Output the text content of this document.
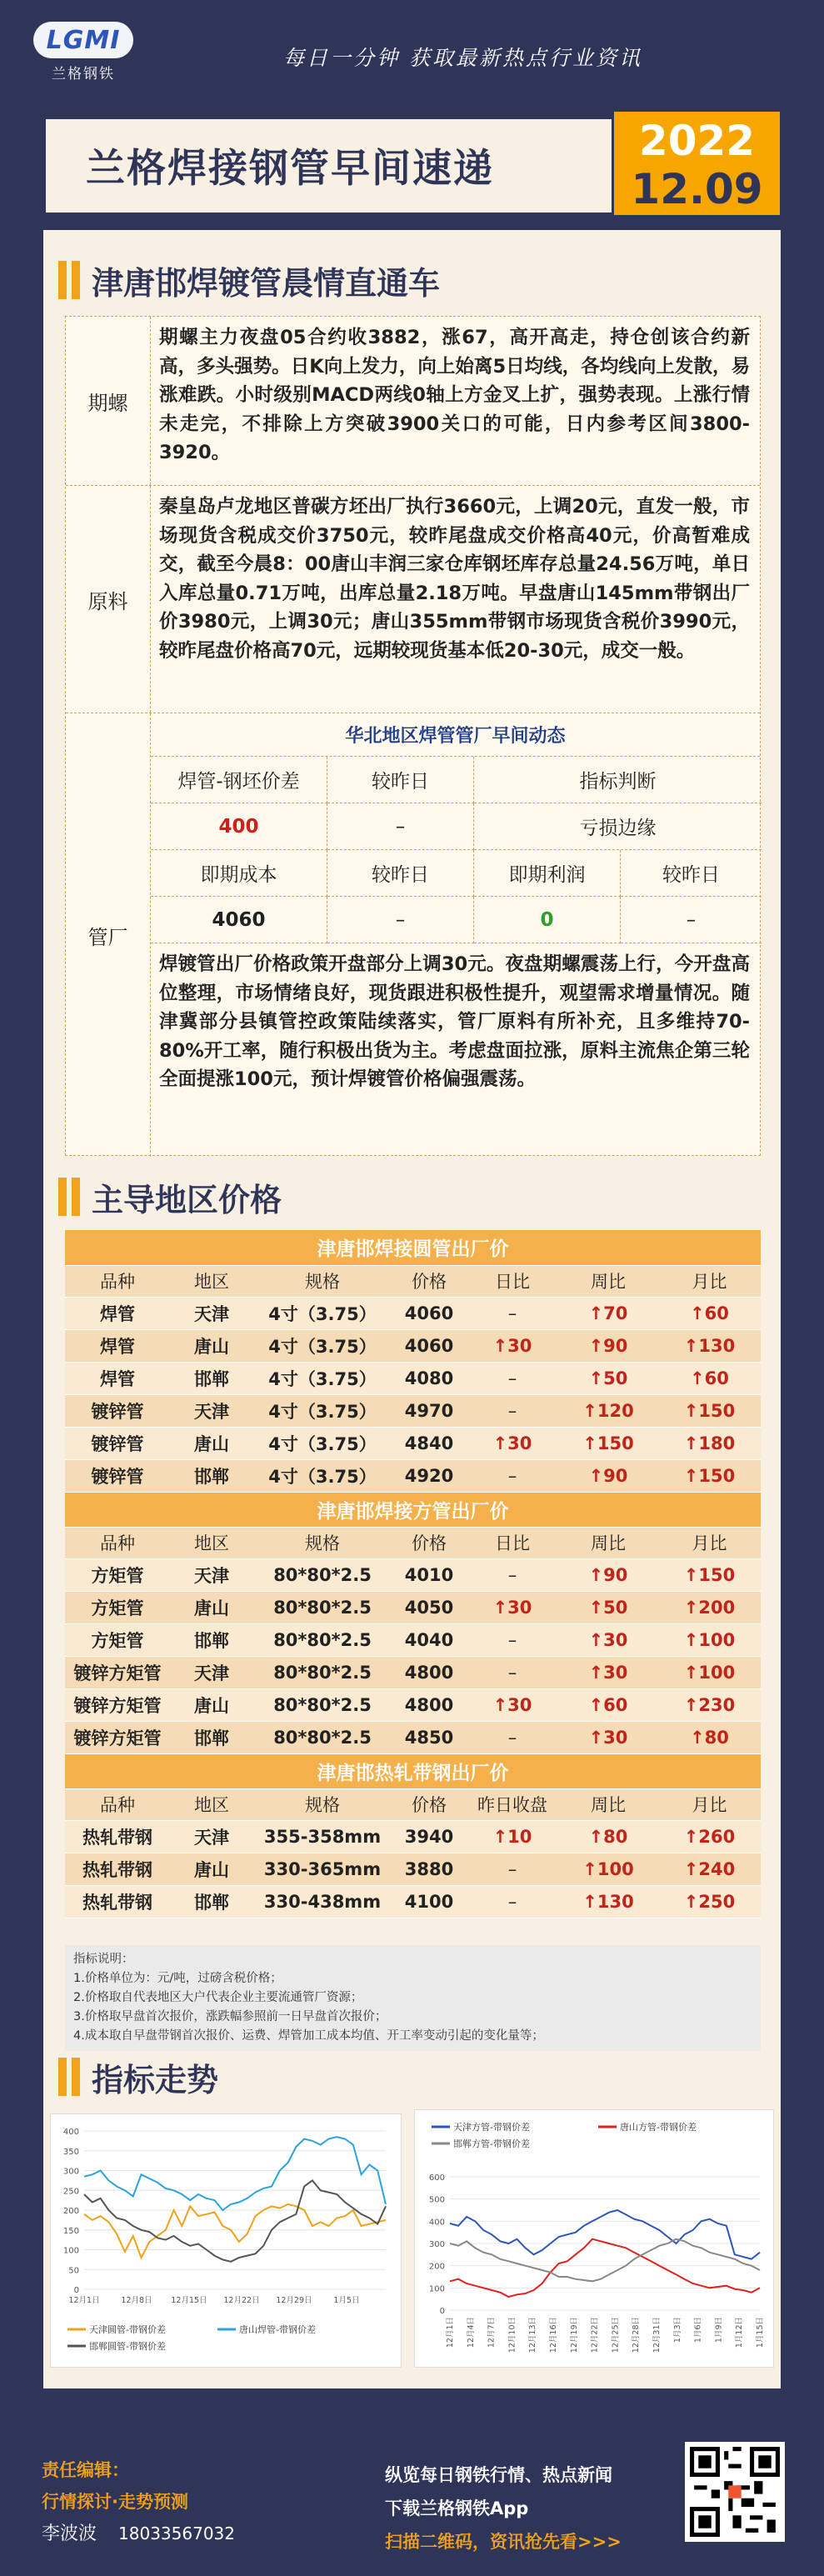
LGMI
兰格钢铁
每日一分钟 获取最新热点行业资讯
兰格焊接钢管早间速递
2022
12.09
津唐邯焊镀管晨情直通车
期螺
期螺主力夜盘05合约收3882，涨67，高开高走，持仓创该合约新高，多头强势。日K向上发力，向上始离5日均线，各均线向上发散，易涨难跌。小时级别MACD两线0轴上方金叉上扩，强势表现。上涨行情未走完，不排除上方突破3900关口的可能，日内参考区间3800-3920。
原料
秦皇岛卢龙地区普碳方坯出厂执行3660元，上调20元，直发一般，市场现货含税成交价3750元，较昨尾盘成交价格高40元，价高暂难成交，截至今晨8：00唐山丰润三家仓库钢坯库存总量24.56万吨，单日入库总量0.71万吨，出库总量2.18万吨。早盘唐山145mm带钢出厂价3980元，上调30元；唐山355mm带钢市场现货含税价3990元，较昨尾盘价格高70元，远期较现货基本低20-30元，成交一般。
管厂
华北地区焊管管厂早间动态
焊管-钢坯价差	较昨日	指标判断
400	–	亏损边缘
即期成本	较昨日	即期利润	较昨日
4060	–	0	–
焊镀管出厂价格政策开盘部分上调30元。夜盘期螺震荡上行，今开盘高位整理，市场情绪良好，现货跟进积极性提升，观望需求增量情况。随津冀部分县镇管控政策陆续落实，管厂原料有所补充，且多维持70-80%开工率，随行积极出货为主。考虑盘面拉涨，原料主流焦企第三轮全面提涨100元，预计焊镀管价格偏强震荡。
主导地区价格
津唐邯焊接圆管出厂价						
品种	地区	规格	价格	日比	周比	月比
焊管	天津	4寸（3.75）	4060	–	↑70	↑60
焊管	唐山	4寸（3.75）	4060	↑30	↑90	↑130
焊管	邯郸	4寸（3.75）	4080	–	↑50	↑60
镀锌管	天津	4寸（3.75）	4970	–	↑120	↑150
镀锌管	唐山	4寸（3.75）	4840	↑30	↑150	↑180
镀锌管	邯郸	4寸（3.75）	4920	–	↑90	↑150
津唐邯焊接方管出厂价						
品种	地区	规格	价格	日比	周比	月比
方矩管	天津	80*80*2.5	4010	–	↑90	↑150
方矩管	唐山	80*80*2.5	4050	↑30	↑50	↑200
方矩管	邯郸	80*80*2.5	4040	–	↑30	↑100
镀锌方矩管	天津	80*80*2.5	4800	–	↑30	↑100
镀锌方矩管	唐山	80*80*2.5	4800	↑30	↑60	↑230
镀锌方矩管	邯郸	80*80*2.5	4850	–	↑30	↑80
津唐邯热轧带钢出厂价						
品种	地区	规格	价格	昨日收盘	周比	月比
热轧带钢	天津	355-358mm	3940	↑10	↑80	↑260
热轧带钢	唐山	330-365mm	3880	–	↑100	↑240
热轧带钢	邯郸	330-438mm	4100	–	↑130	↑250
指标说明：
1.价格单位为：元/吨，过磅含税价格；
2.价格取自代表地区大户代表企业主要流通管厂资源；
3.价格取早盘首次报价，涨跌幅参照前一日早盘首次报价；
4.成本取自早盘带钢首次报价、运费、焊管加工成本均值、开工率变动引起的变化量等；
指标走势
0
50
100
150
200
250
300
350
400
12月1日	12月8日 12月15日 12月22日 12月29日	1月5日
天津圆管-带钢价差	唐山焊管-带钢价差
邯郸圆管-带钢价差
0
100
200
300
400
500
600
12月1日 12月4日 12月7日 12月10日 12月13日 12月16日 12月19日 12月22日 12月25日 12月28日 12月31日 1月3日 1月6日 1月9日 1月12日 1月15日
天津方管-带钢价差	唐山方管-带钢价差
邯郸方管-带钢价差
责任编辑：
行情探讨·走势预测
李波波 18033567032
纵览每日钢铁行情、热点新闻
下载兰格钢铁App
扫描二维码，资讯抢先看>>>
